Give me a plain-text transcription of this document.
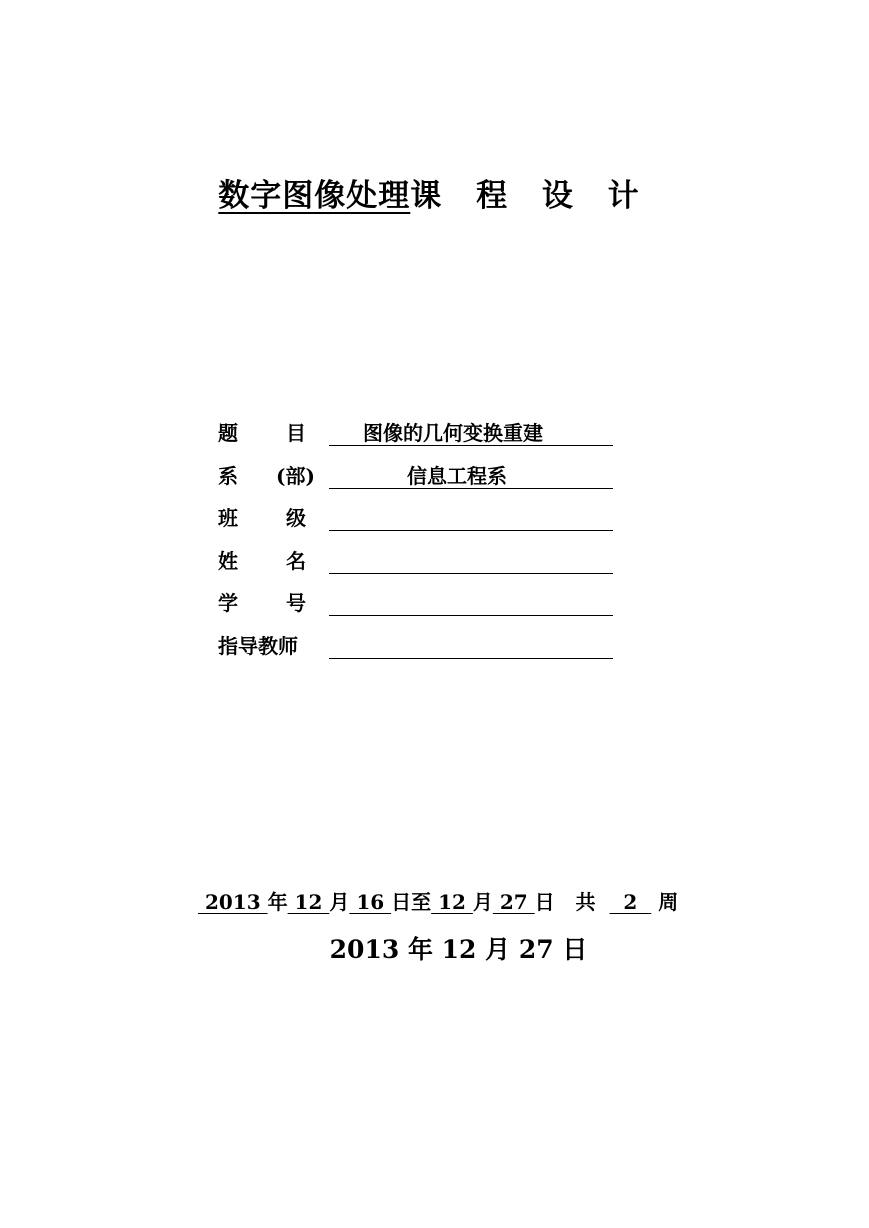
数字图像处理课 程 设 计
题 目	图像的几何变换重建
系 (部)	信息工程系
班 级
姓 名
学 号
指导教师
2013 年 12 月 16 日至 12 月 27 日 共    2   周
2013 年 12 月 27 日
